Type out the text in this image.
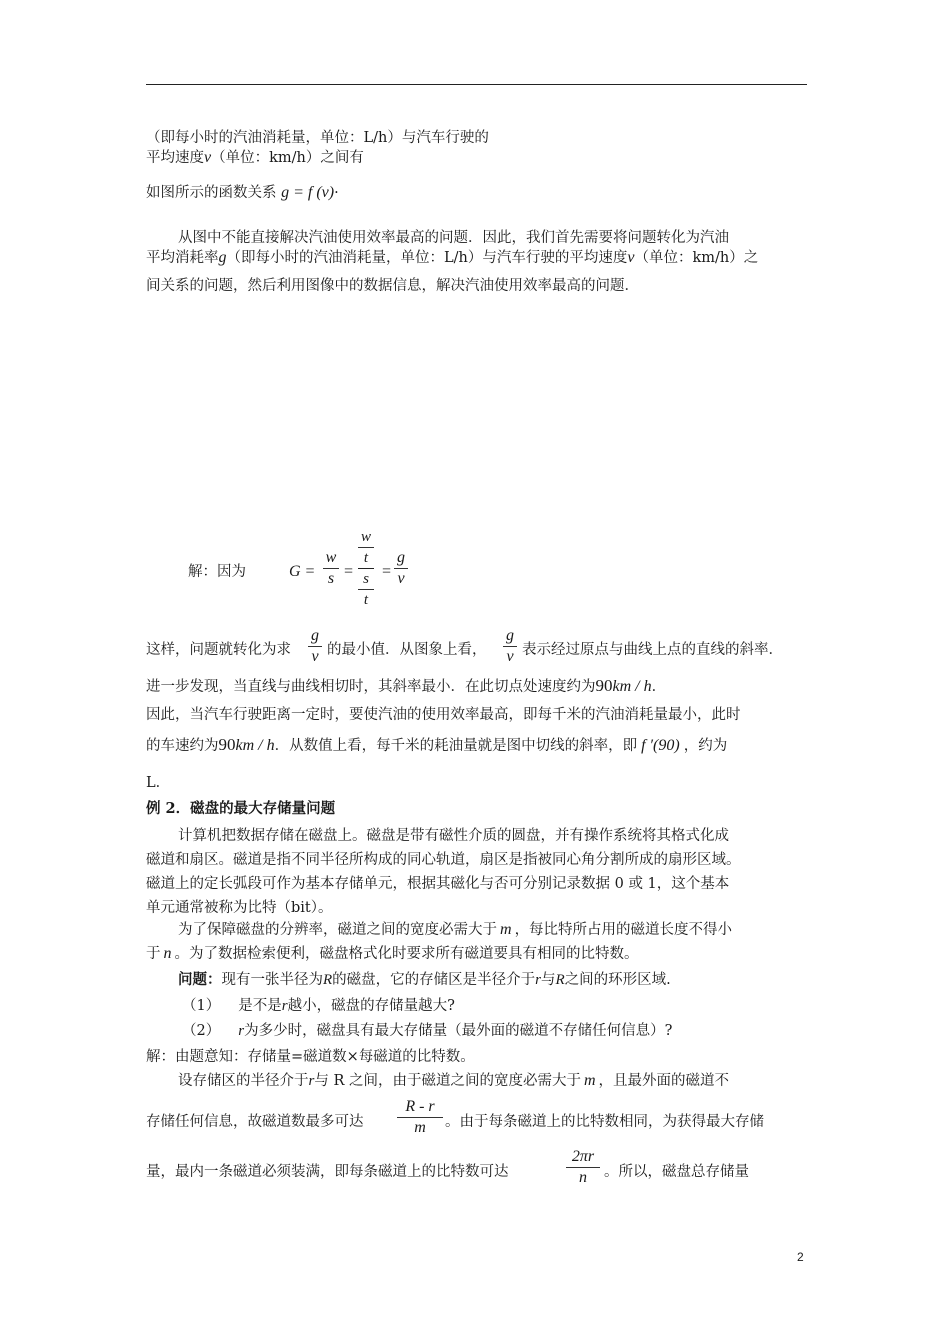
（即每小时的汽油消耗量，单位：L/h）与汽车行驶的
平均速度v（单位：km/h）之间有
如图所示的函数关系 g = f (v)·
从图中不能直接解决汽油使用效率最高的问题．因此，我们首先需要将问题转化为汽油
平均消耗率g（即每小时的汽油消耗量，单位：L/h）与汽车行驶的平均速度v（单位：km/h）之
间关系的问题，然后利用图像中的数据信息，解决汽油使用效率最高的问题．
解：因为	G =
w
s =
w
t
s
t
=
g
v
这样，问题就转化为求
g
v 的最小值．从图象上看，
g
v 表示经过原点与曲线上点的直线的斜率．
进一步发现，当直线与曲线相切时，其斜率最小．在此切点处速度约为90km / h．
因此，当汽车行驶距离一定时，要使汽油的使用效率最高，即每千米的汽油消耗量最小，此时
的车速约为90km / h．从数值上看，每千米的耗油量就是图中切线的斜率，即 f ′(90) ，约为
L．
例 2．磁盘的最大存储量问题
计算机把数据存储在磁盘上。磁盘是带有磁性介质的圆盘，并有操作系统将其格式化成
磁道和扇区。磁道是指不同半径所构成的同心轨道，扇区是指被同心角分割所成的扇形区域。
磁道上的定长弧段可作为基本存储单元，根据其磁化与否可分别记录数据 0 或 1，这个基本
单元通常被称为比特（bit）。
为了保障磁盘的分辨率，磁道之间的宽度必需大于 m ，每比特所占用的磁道长度不得小
于 n 。为了数据检索便利，磁盘格式化时要求所有磁道要具有相同的比特数。
问题：现有一张半径为R的磁盘，它的存储区是半径介于r与R之间的环形区域.
（1） 是不是r越小，磁盘的存储量越大?
（2） r为多少时，磁盘具有最大存储量（最外面的磁道不存储任何信息）?
解：由题意知：存储量=磁道数×每磁道的比特数。
设存储区的半径介于r与 R 之间，由于磁道之间的宽度必需大于 m ，且最外面的磁道不
存储任何信息，故磁道数最多可达
R - r
m	。由于每条磁道上的比特数相同，为获得最大存储
量，最内一条磁道必须装满，即每条磁道上的比特数可达
2πr
n	。所以，磁盘总存储量
2
